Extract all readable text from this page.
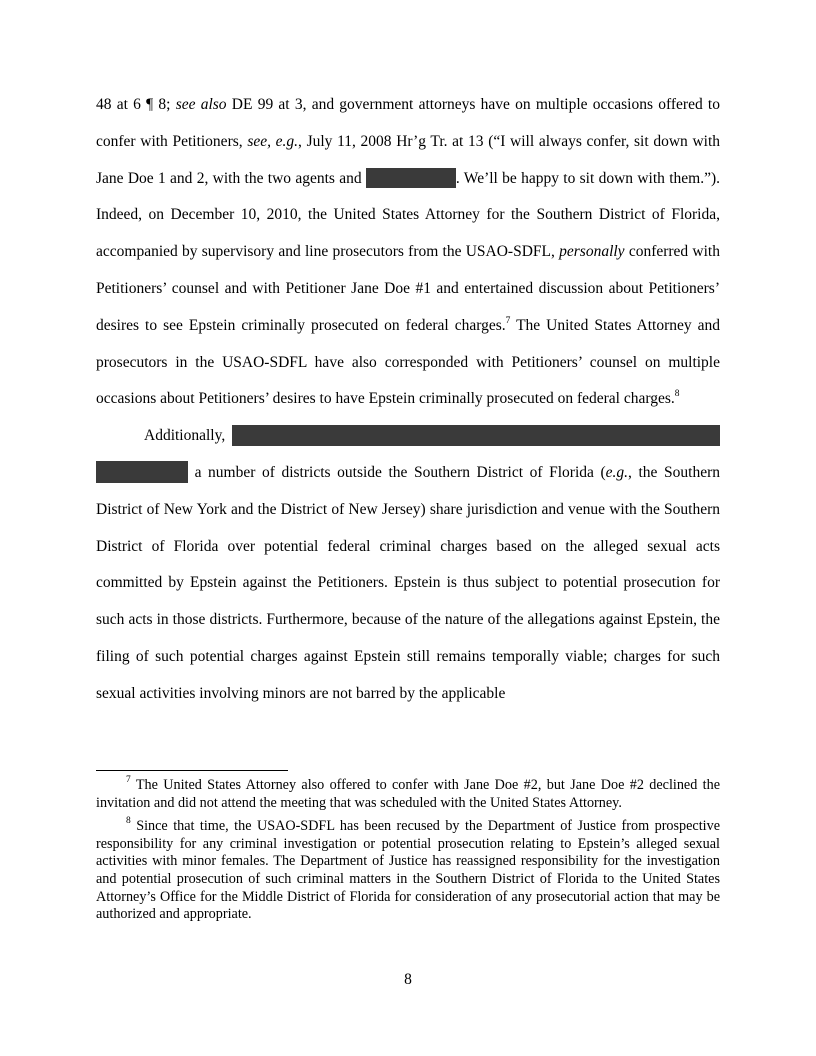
48 at 6 ¶ 8; see also DE 99 at 3, and government attorneys have on multiple occasions offered to confer with Petitioners, see, e.g., July 11, 2008 Hr’g Tr. at 13 (“I will always confer, sit down with Jane Doe 1 and 2, with the two agents and	. We’ll be happy to sit down with them.”). Indeed, on December 10, 2010, the United States Attorney for the Southern District of Florida, accompanied by supervisory and line prosecutors from the USAO-SDFL, personally conferred with Petitioners’ counsel and with Petitioner Jane Doe #1 and entertained discussion about Petitioners’ desires to see Epstein criminally prosecuted on federal charges.$^7$ The United States Attorney and prosecutors in the USAO-SDFL have also corresponded with Petitioners’ counsel on multiple occasions about Petitioners’ desires to have Epstein criminally prosecuted on federal charges.$^8$

Additionally,   a number of districts outside the Southern District of Florida (e.g., the Southern District of New York and the District of New Jersey) share jurisdiction and venue with the Southern District of Florida over potential federal criminal charges based on the alleged sexual acts committed by Epstein against the Petitioners. Epstein is thus subject to potential prosecution for such acts in those districts. Furthermore, because of the nature of the allegations against Epstein, the filing of such potential charges against Epstein still remains temporally viable; charges for such sexual activities involving minors are not barred by the applicable

$^7$ The United States Attorney also offered to confer with Jane Doe #2, but Jane Doe #2 declined the invitation and did not attend the meeting that was scheduled with the United States Attorney.

$^8$ Since that time, the USAO-SDFL has been recused by the Department of Justice from prospective responsibility for any criminal investigation or potential prosecution relating to Epstein’s alleged sexual activities with minor females. The Department of Justice has reassigned responsibility for the investigation and potential prosecution of such criminal matters in the Southern District of Florida to the United States Attorney’s Office for the Middle District of Florida for consideration of any prosecutorial action that may be authorized and appropriate.

8
